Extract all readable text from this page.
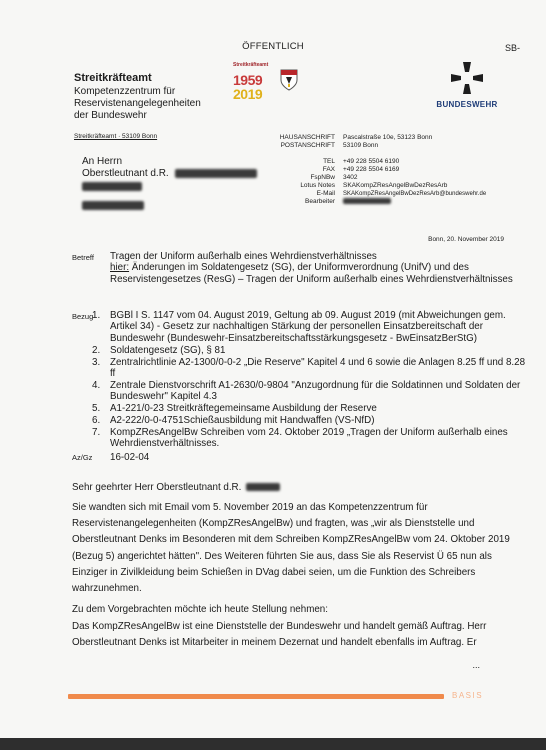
ÖFFENTLICH	SB-
Streitkräfteamt
Kompetenzzentrum für
Reservistenangelegenheiten
der Bundeswehr
Streitkräfteamt
1959
2019
BUNDESWEHR
Streitkräfteamt · 53109 Bonn	HAUSANSCHRIFT Pascalstraße 10e, 53123 Bonn
POSTANSCHRIFT 53109 Bonn
TEL +49 228 5504 6190
FAX +49 228 5504 6169
FspNBw 3402
Lotus Notes SKAKompZResAngelBwDezResArb
E-Mail SKAKompZResAngelBwDezResArb@bundeswehr.de
Bearbeiter
An Herrn
Oberstleutnant d.R.
Bonn, 20. November 2019
Betreff Tragen der Uniform außerhalb eines Wehrdienstverhältnisses
hier: Änderungen im Soldatengesetz (SG), der Uniformverordnung (UnifV) und des Reservistengesetzes (ResG) – Tragen der Uniform außerhalb eines Wehrdienstverhältnisses
Bezug
1. BGBl I S. 1147 vom 04. August 2019, Geltung ab 09. August 2019 (mit Abweichungen gem. Artikel 34) - Gesetz zur nachhaltigen Stärkung der personellen Einsatzbereitschaft der Bundeswehr (Bundeswehr-Einsatzbereitschaftsstärkungsgesetz - BwEinsatzBerStG)
2. Soldatengesetz (SG), § 81
3. Zentralrichtlinie A2-1300/0-0-2 „Die Reserve" Kapitel 4 und 6 sowie die Anlagen 8.25 ff und 8.28 ff
4. Zentrale Dienstvorschrift A1-2630/0-9804 "Anzugordnung für die Soldatinnen und Soldaten der Bundeswehr" Kapitel 4.3
5. A1-221/0-23 Streitkräftegemeinsame Ausbildung der Reserve
6. A2-222/0-0-4751Schießausbildung mit Handwaffen (VS-NfD)
7. KompZResAngelBw Schreiben vom 24. Oktober 2019 „Tragen der Uniform außerhalb eines Wehrdienstverhältnisses.
Az/Gz 16-02-04
Sehr geehrter Herr Oberstleutnant d.R.
Sie wandten sich mit Email vom 5. November 2019 an das Kompetenzzentrum für Reservistenangelegenheiten (KompZResAngelBw) und fragten, was „wir als Dienststelle und Oberstleutnant Denks im Besonderen mit dem Schreiben KompZResAngelBw vom 24. Oktober 2019 (Bezug 5) angerichtet hätten". Des Weiteren führten Sie aus, dass Sie als Reservist Ü 65 nun als Einziger in Zivilkleidung beim Schießen in DVag dabei seien, um die Funktion des Schreibers wahrzunehmen.
Zu dem Vorgebrachten möchte ich heute Stellung nehmen:
Das KompZResAngelBw ist eine Dienststelle der Bundeswehr und handelt gemäß Auftrag. Herr Oberstleutnant Denks ist Mitarbeiter in meinem Dezernat und handelt ebenfalls im Auftrag. Er
...
BASIS
